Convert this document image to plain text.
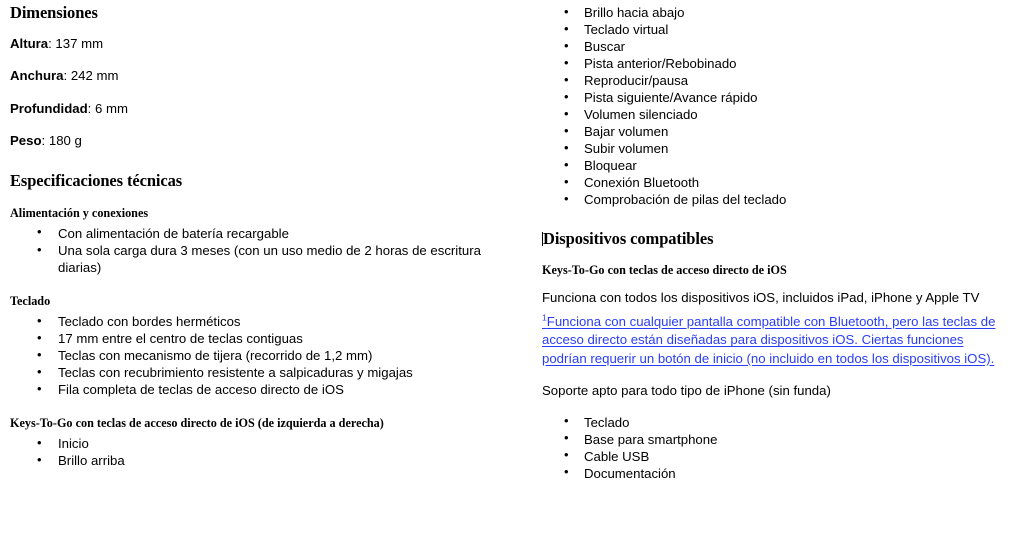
Dimensiones

Altura: 137 mm

Anchura: 242 mm

Profundidad: 6 mm

Peso: 180 g

Especificaciones técnicas
Alimentación y conexiones
• Con alimentación de batería recargable
• Una sola carga dura 3 meses (con un uso medio de 2 horas de escritura diarias)
Teclado
• Teclado con bordes herméticos
• 17 mm entre el centro de teclas contiguas
• Teclas con mecanismo de tijera (recorrido de 1,2 mm)
• Teclas con recubrimiento resistente a salpicaduras y migajas
• Fila completa de teclas de acceso directo de iOS
Keys-To-Go con teclas de acceso directo de iOS (de izquierda a derecha)
• Inicio
• Brillo arriba
• Brillo hacia abajo
• Teclado virtual
• Buscar
• Pista anterior/Rebobinado
• Reproducir/pausa
• Pista siguiente/Avance rápido
• Volumen silenciado
• Bajar volumen
• Subir volumen
• Bloquear
• Conexión Bluetooth
• Comprobación de pilas del teclado
Dispositivos compatibles
Keys-To-Go con teclas de acceso directo de iOS

Funciona con todos los dispositivos iOS, incluidos iPad, iPhone y Apple TV

$^1$Funciona con cualquier pantalla compatible con Bluetooth, pero las teclas de acceso directo están diseñadas para dispositivos iOS. Ciertas funciones podrían requerir un botón de inicio (no incluido en todos los dispositivos iOS).

Soporte apto para todo tipo de iPhone (sin funda)

• Teclado
• Base para smartphone
• Cable USB
• Documentación
